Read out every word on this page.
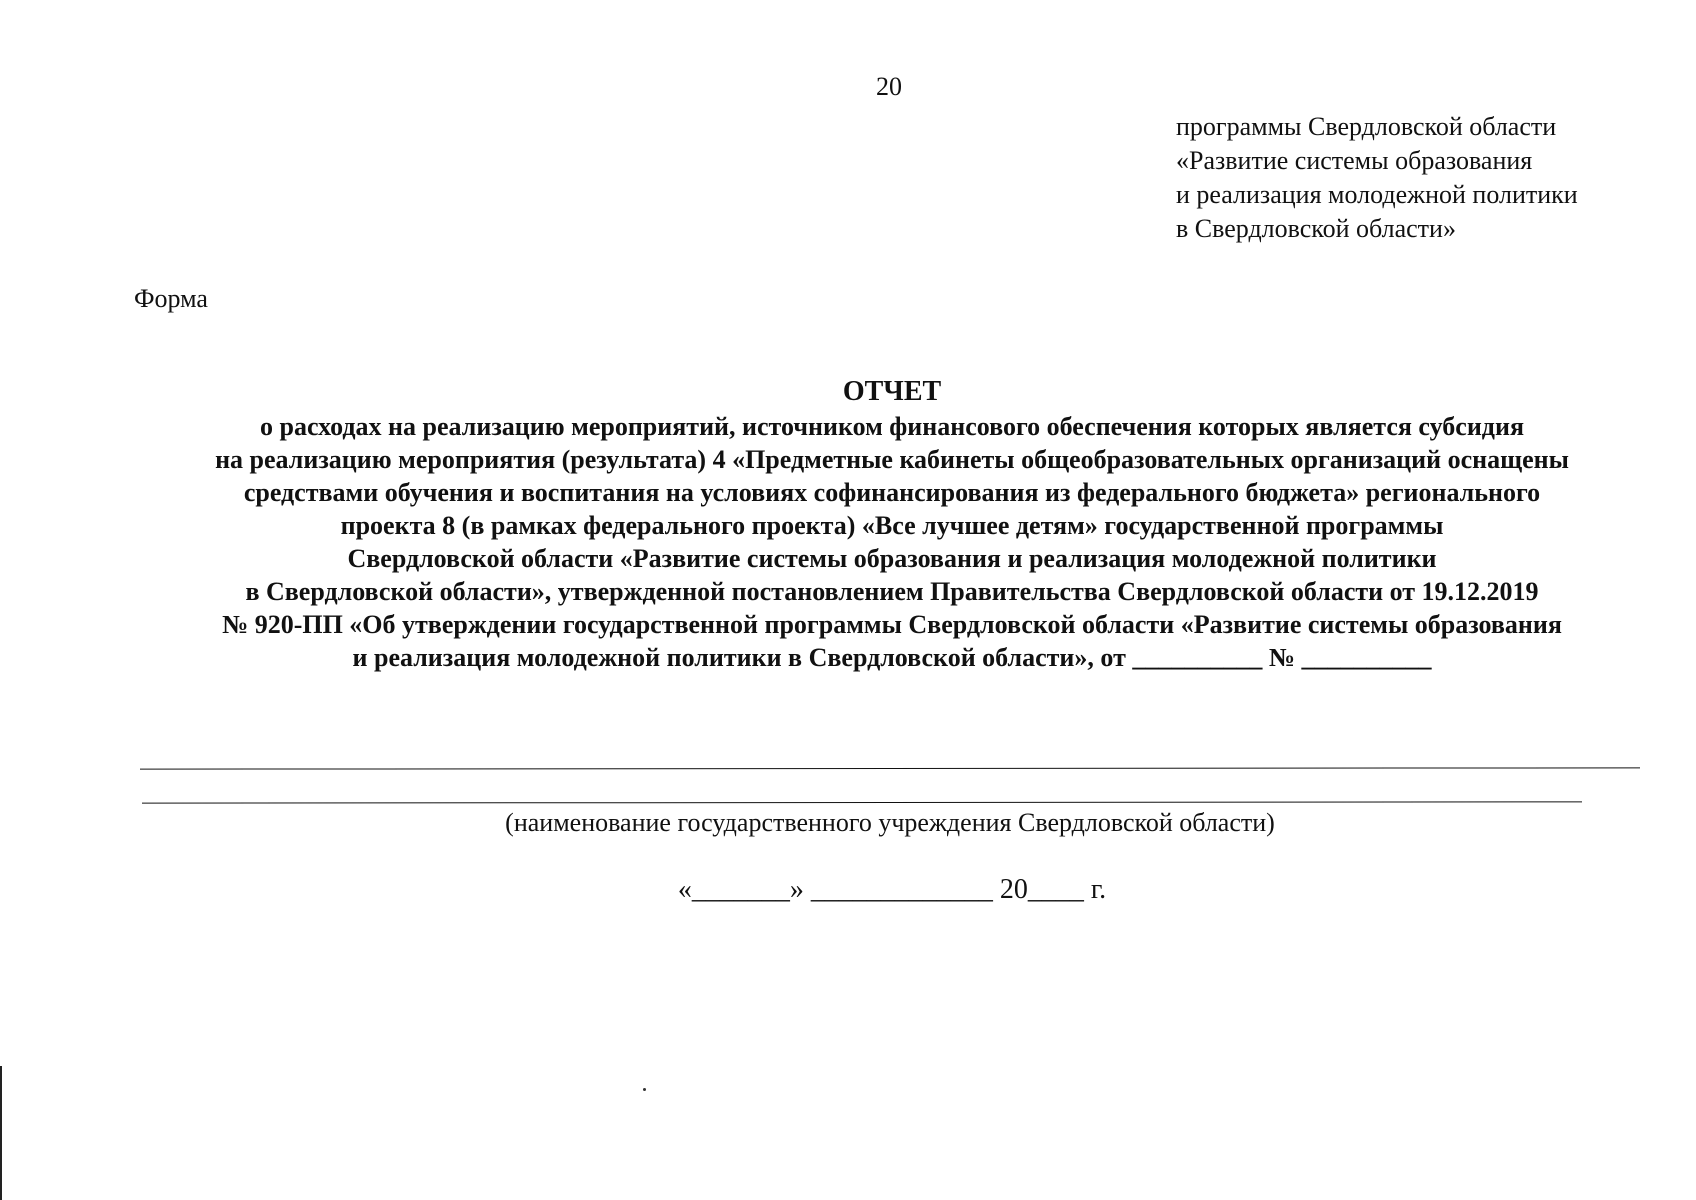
20
программы Свердловской области
«Развитие системы образования
и реализация молодежной политики
в Свердловской области»
Форма
ОТЧЕТ
о расходах на реализацию мероприятий, источником финансового обеспечения которых является субсидия
на реализацию мероприятия (результата) 4 «Предметные кабинеты общеобразовательных организаций оснащены
средствами обучения и воспитания на условиях софинансирования из федерального бюджета» регионального
проекта 8 (в рамках федерального проекта) «Все лучшее детям» государственной программы
Свердловской области «Развитие системы образования и реализация молодежной политики
в Свердловской области», утвержденной постановлением Правительства Свердловской области от 19.12.2019
№ 920-ПП «Об утверждении государственной программы Свердловской области «Развитие системы образования
и реализация молодежной политики в Свердловской области», от __________ № __________
(наименование государственного учреждения Свердловской области)
«_______» _____________ 20____ г.
